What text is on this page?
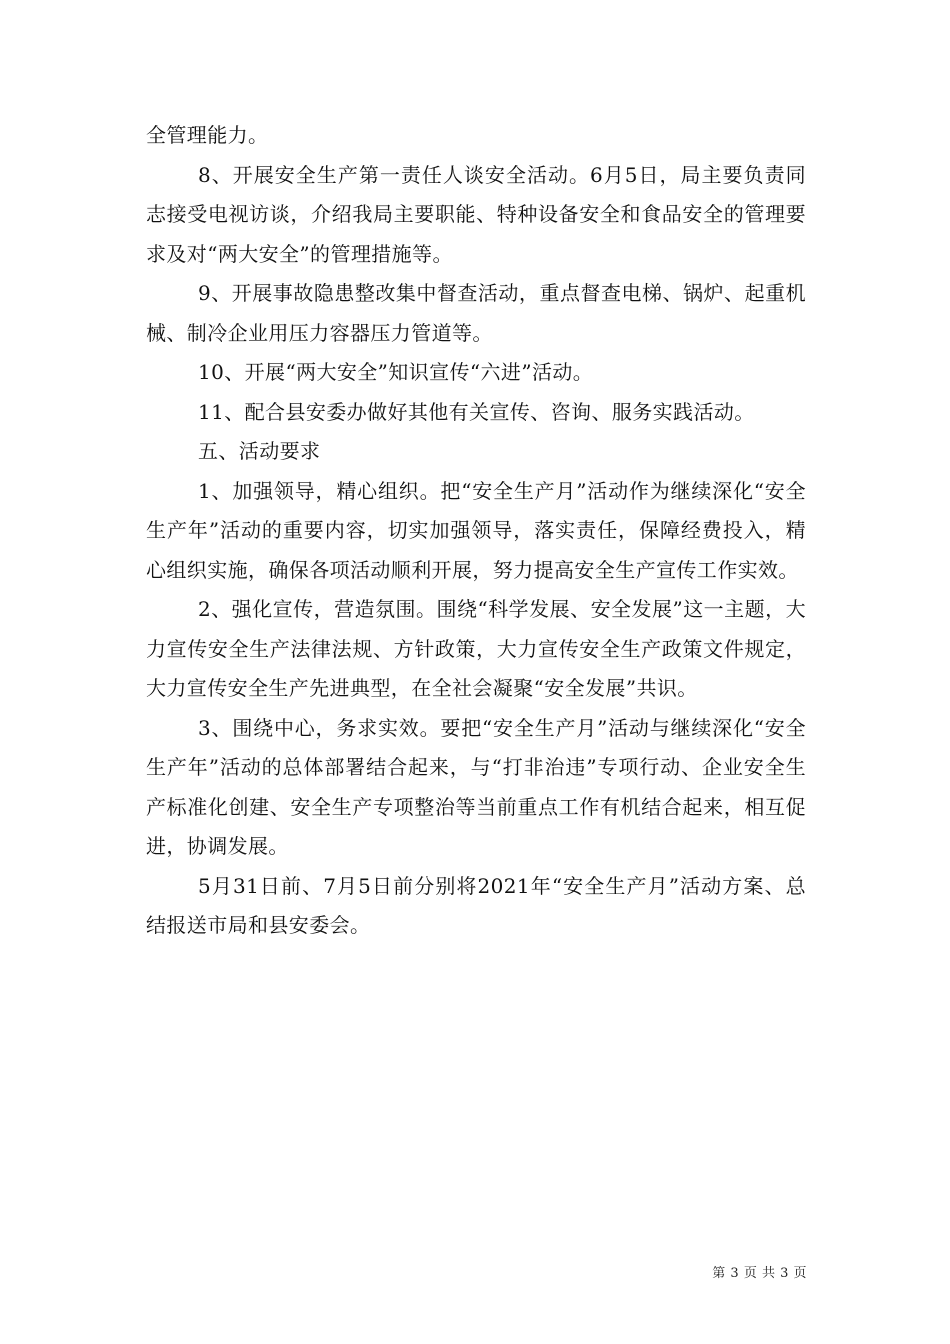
全管理能力。

8、开展安全生产第一责任人谈安全活动。6月5日，局主要负责同志接受电视访谈，介绍我局主要职能、特种设备安全和食品安全的管理要求及对“两大安全”的管理措施等。

9、开展事故隐患整改集中督查活动，重点督查电梯、锅炉、起重机械、制冷企业用压力容器压力管道等。

10、开展“两大安全”知识宣传“六进”活动。

11、配合县安委办做好其他有关宣传、咨询、服务实践活动。

五、活动要求

1、加强领导，精心组织。把“安全生产月”活动作为继续深化“安全生产年”活动的重要内容，切实加强领导，落实责任，保障经费投入，精心组织实施，确保各项活动顺利开展，努力提高安全生产宣传工作实效。

2、强化宣传，营造氛围。围绕“科学发展、安全发展”这一主题，大力宣传安全生产法律法规、方针政策，大力宣传安全生产政策文件规定，大力宣传安全生产先进典型，在全社会凝聚“安全发展”共识。

3、围绕中心，务求实效。要把“安全生产月”活动与继续深化“安全生产年”活动的总体部署结合起来，与“打非治违”专项行动、企业安全生产标准化创建、安全生产专项整治等当前重点工作有机结合起来，相互促进，协调发展。

5月31日前、7月5日前分别将2021年“安全生产月”活动方案、总结报送市局和县安委会。

第 3 页 共 3 页
